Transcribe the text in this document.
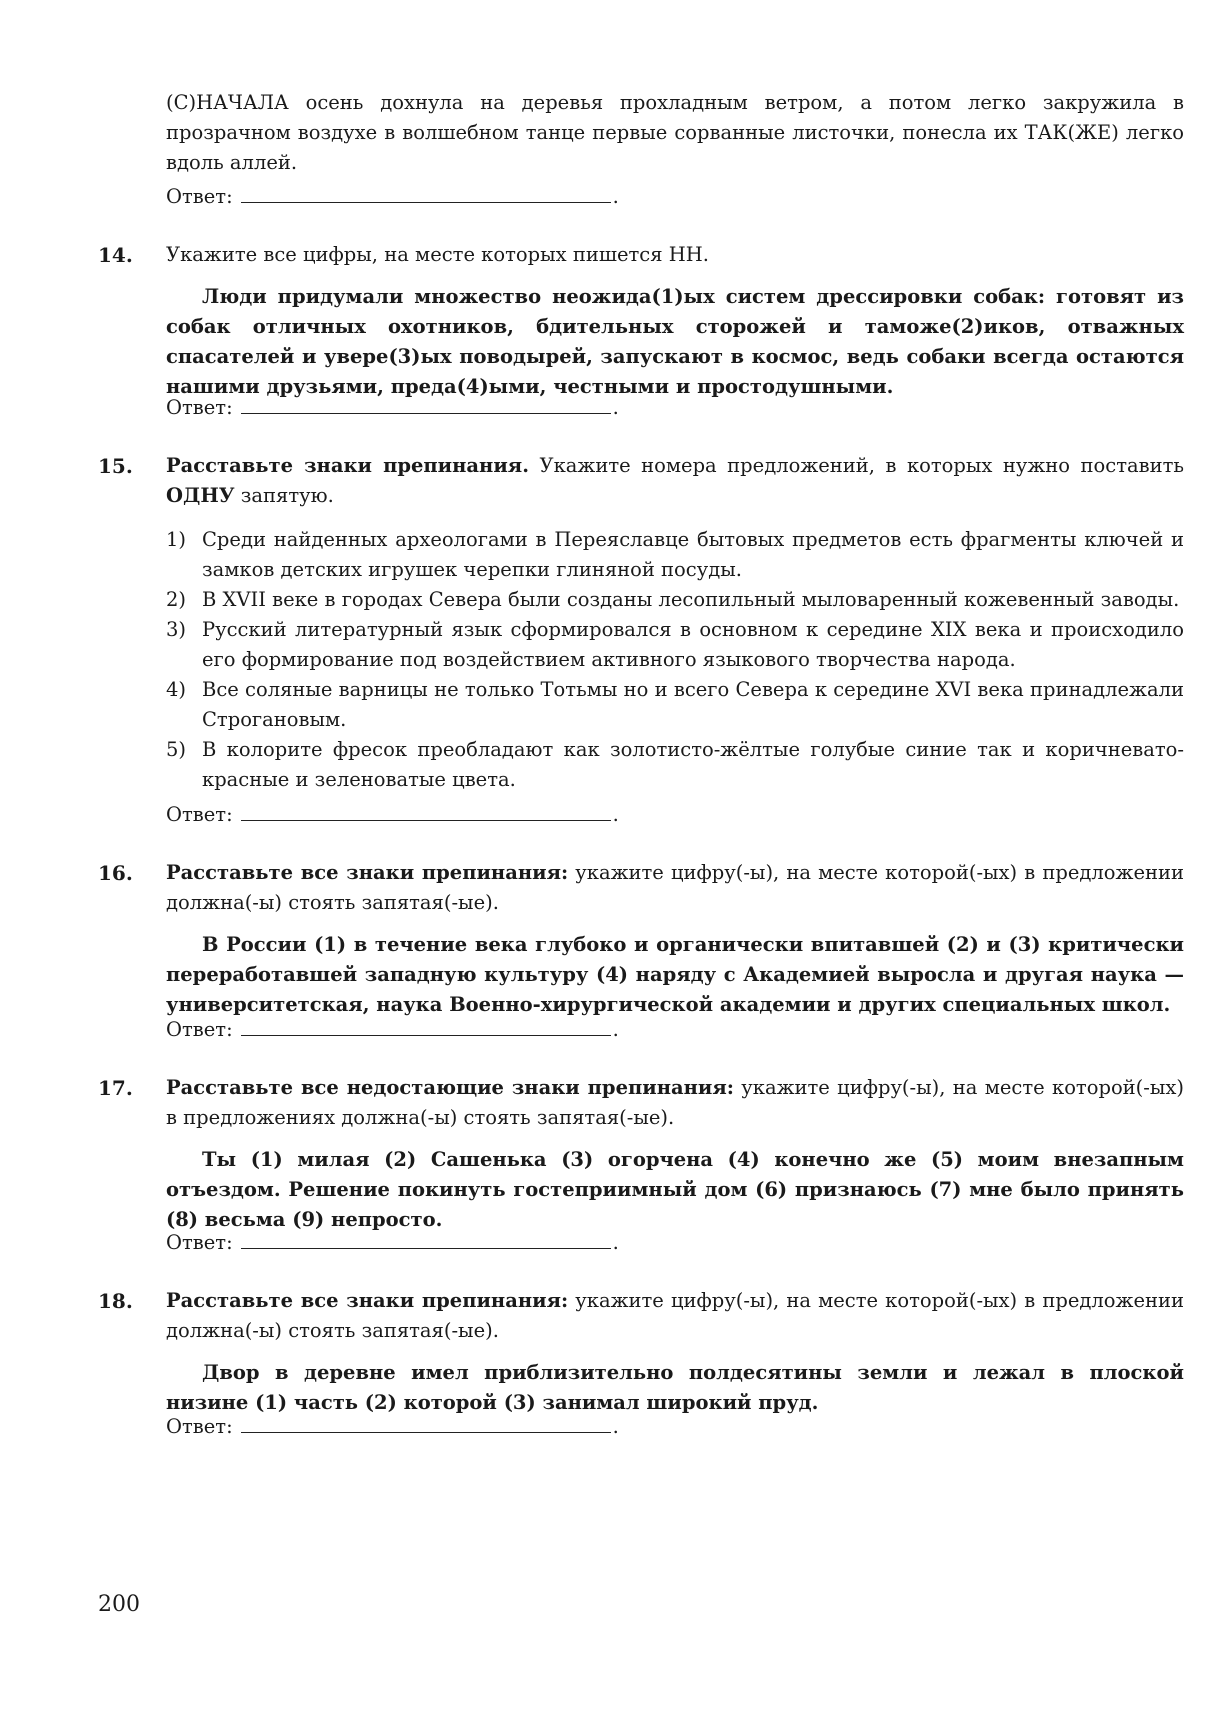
(С)НАЧАЛА осень дохнула на деревья прохладным ветром, а потом легко закружила в прозрачном воздухе в волшебном танце первые сорванные листочки, понесла их ТАК(ЖЕ) легко вдоль аллей.

Ответ:	.
14. Укажите все цифры, на месте которых пишется НН.

Люди придумали множество неожида(1)ых систем дрессировки собак: готовят из собак отличных охотников, бдительных сторожей и таможе(2)иков, отважных спасателей и увере(3)ых поводырей, запускают в космос, ведь собаки всегда остаются нашими друзьями, преда(4)ыми, честными и простодушными.

Ответ:	.
15. Расставьте знаки препинания. Укажите номера предложений, в которых нужно поставить ОДНУ запятую.

1) Среди найденных археологами в Переяславце бытовых предметов есть фрагменты ключей и замков детских игрушек черепки глиняной посуды.
2) В XVII веке в городах Севера были созданы лесопильный мыловаренный кожевенный заводы.
3) Русский литературный язык сформировался в основном к середине XIX века и происходило его формирование под воздействием активного языкового творчества народа.
4) Все соляные варницы не только Тотьмы но и всего Севера к середине XVI века принадлежали Строгановым.
5) В колорите фресок преобладают как золотисто-жёлтые голубые синие так и коричневато-красные и зеленоватые цвета.
Ответ:	.
16. Расставьте все знаки препинания: укажите цифру(-ы), на месте которой(-ых) в предложении должна(-ы) стоять запятая(-ые).

В России (1) в течение века глубоко и органически впитавшей (2) и (3) критически переработавшей западную культуру (4) наряду с Академией выросла и другая наука — университетская, наука Военно-хирургической академии и других специальных школ.

Ответ:	.
17. Расставьте все недостающие знаки препинания: укажите цифру(-ы), на месте которой(-ых) в предложениях должна(-ы) стоять запятая(-ые).

Ты (1) милая (2) Сашенька (3) огорчена (4) конечно же (5) моим внезапным отъездом. Решение покинуть гостеприимный дом (6) признаюсь (7) мне было принять (8) весьма (9) непросто.

Ответ:	.
18. Расставьте все знаки препинания: укажите цифру(-ы), на месте которой(-ых) в предложении должна(-ы) стоять запятая(-ые).

Двор в деревне имел приблизительно полдесятины земли и лежал в плоской низине (1) часть (2) которой (3) занимал широкий пруд.

Ответ:	.
200
